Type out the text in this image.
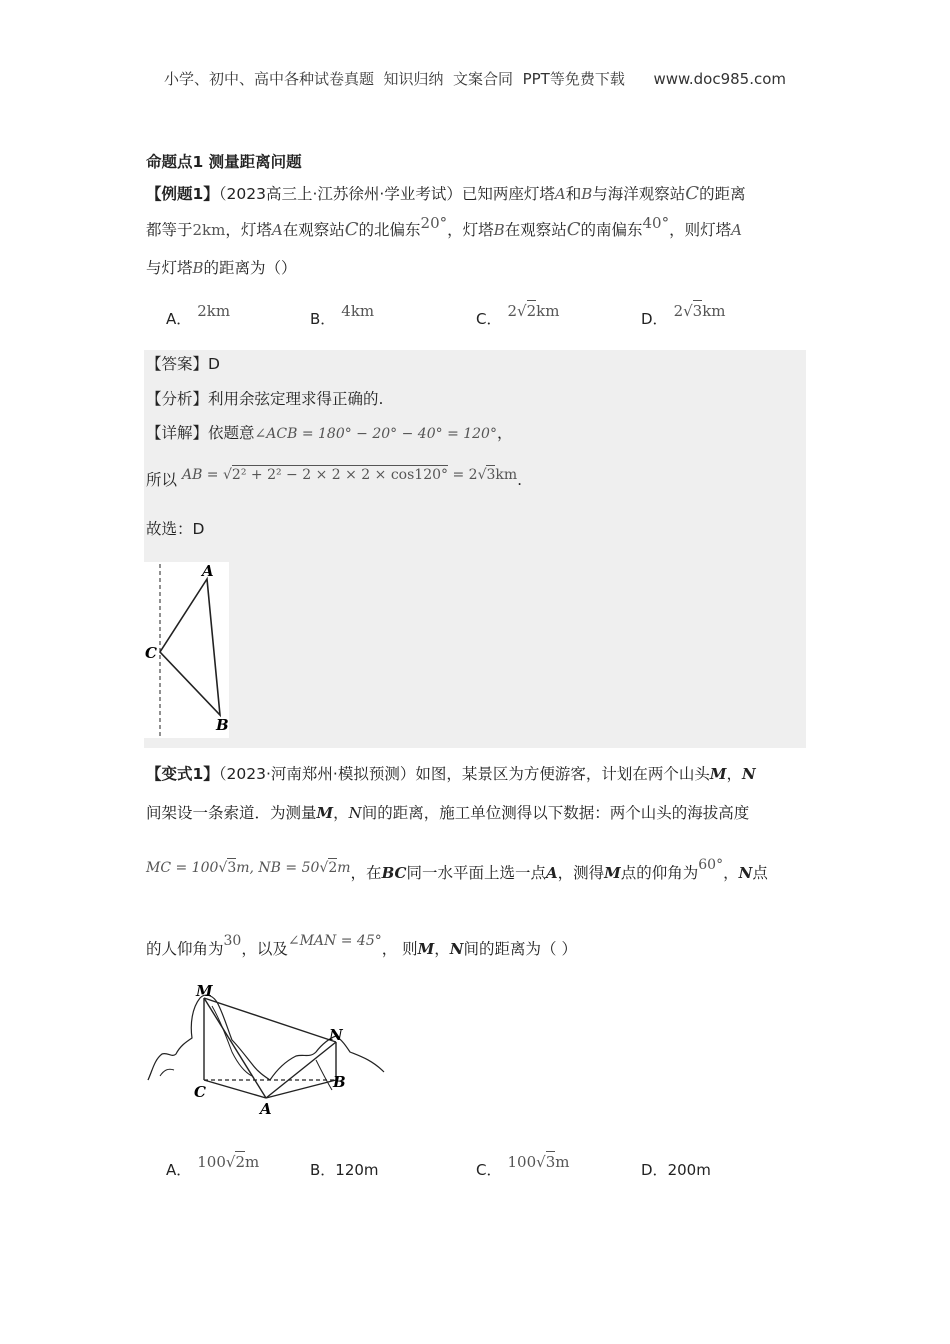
小学、初中、高中各种试卷真题  知识归纳  文案合同  PPT等免费下载      www.doc985.com
命题点1 测量距离问题
【例题1】（2023高三上·江苏徐州·学业考试）已知两座灯塔A和B与海洋观察站C的距离
都等于2km，灯塔A在观察站C的北偏东20°，灯塔B在观察站C的南偏东40°，则灯塔A
与灯塔B的距离为（）
A． 2km	B． 4km	C． 2√2km	D． 2√3km
【答案】D
【分析】利用余弦定理求得正确的.
【详解】依题意∠ACB = 180° − 20° − 40° = 120°，
所以 AB = √2² + 2² − 2 × 2 × 2 × cos120° = 2√3km.
故选：D
A
C
B
【变式1】（2023·河南郑州·模拟预测）如图，某景区为方便游客，计划在两个山头M，N
间架设一条索道．为测量M，N间的距离，施工单位测得以下数据：两个山头的海拔高度
MC = 100√3m, NB = 50√2m，在BC同一水平面上选一点A，测得M点的仰角为60°，N点
的人仰角为30，以及∠MAN = 45°， 则M，N间的距离为（ ）
M
N
C
B
A
A． 100√2m	B．120m	C． 100√3m	D．200m
